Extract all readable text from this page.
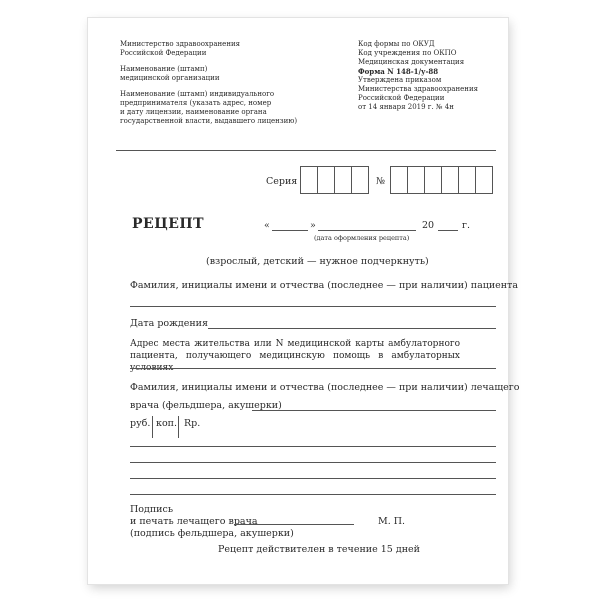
Министерство здравоохранения
Российской Федерации
Наименование (штамп)
медицинской организации
Наименование (штамп) индивидуального
предпринимателя (указать адрес, номер
и дату лицензии, наименование органа
государственной власти, выдавшего лицензию)
Код формы по ОКУД
Код учреждения по ОКПО
Медицинская документация
Форма N 148-1/у-88
Утверждена приказом
Министерства здравоохранения
Российской Федерации
от 14 января 2019 г. № 4н
Серия	№
РЕЦЕПТ	«	»	20	г.
(дата оформления рецепта)
(взрослый, детский — нужное подчеркнуть)
Фамилия, инициалы имени и отчества (последнее — при наличии) пациента
Дата рождения
Адрес места жительства или N медицинской карты амбулаторного пациента, получающего медицинскую помощь в амбулаторных условиях
Фамилия, инициалы имени и отчества (последнее — при наличии) лечащего
врача (фельдшера, акушерки)
руб. коп. Rp.
Подпись
и печать лечащего врача
(подпись фельдшера, акушерки)
М. П.
Рецепт действителен в течение 15 дней
